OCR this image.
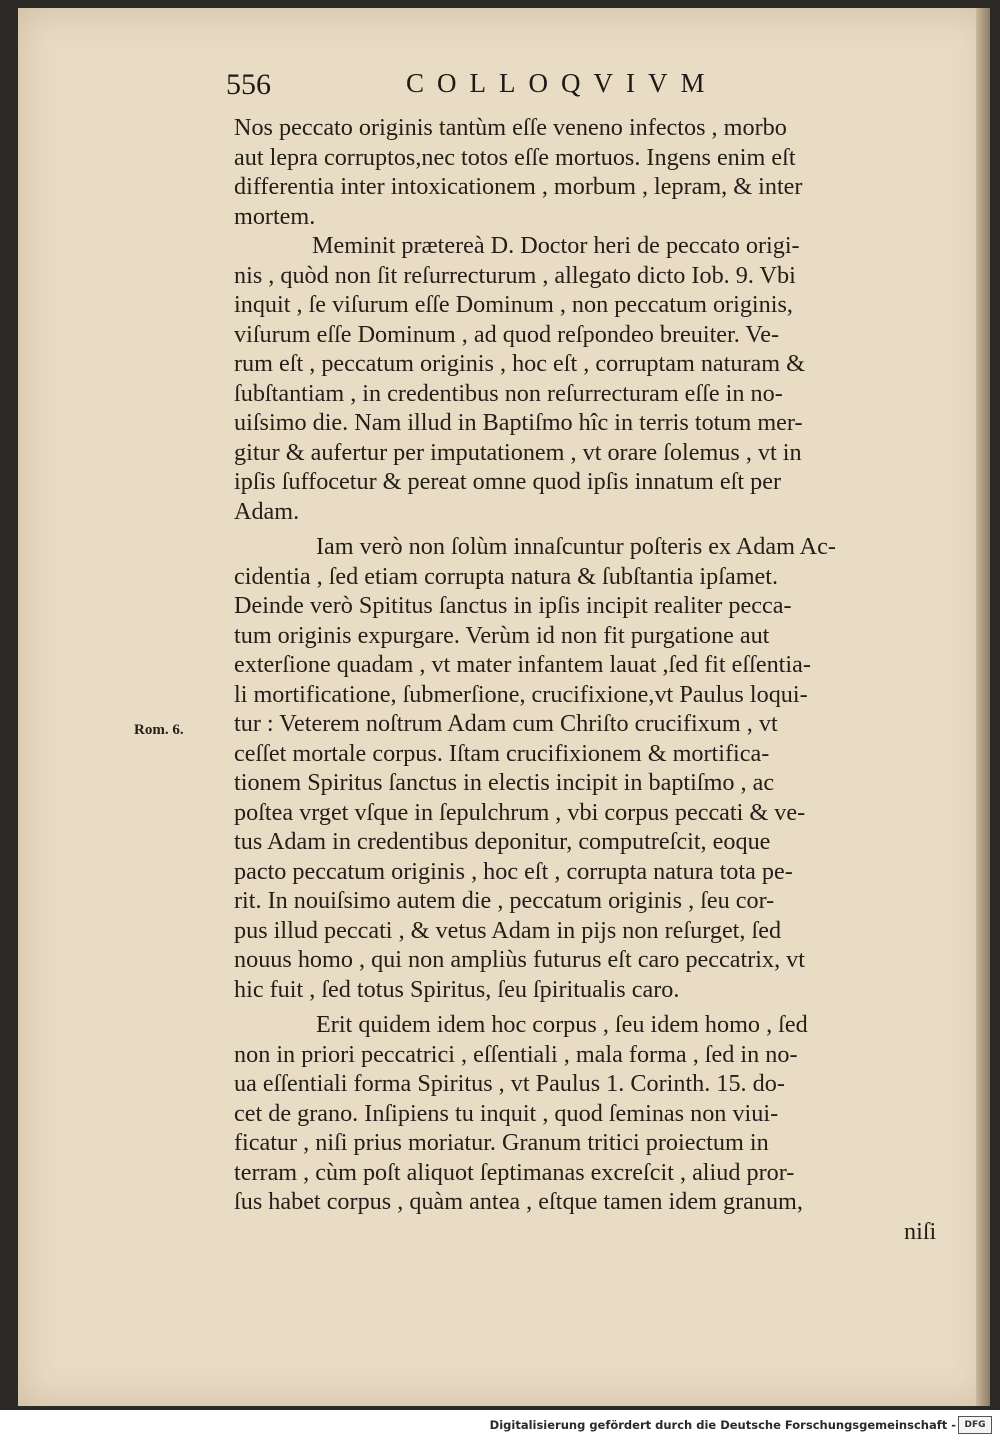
556	COLLOQVIVM
Rom. 6.
Nos peccato originis tantùm eſſe veneno infectos , morbo
aut lepra corruptos,nec totos eſſe mortuos. Ingens enim eſt
differentia inter intoxicationem , morbum , lepram, & inter
mortem.
Meminit prætereà D. Doctor heri de peccato origi-
nis , quòd non ſit reſurrecturum , allegato dicto Iob. 9. Vbi
inquit , ſe viſurum eſſe Dominum , non peccatum originis,
viſurum eſſe Dominum , ad quod reſpondeo breuiter. Ve-
rum eſt , peccatum originis , hoc eſt , corruptam naturam &
ſubſtantiam , in credentibus non reſurrecturam eſſe in no-
uiſsimo die. Nam illud in Baptiſmo hîc in terris totum mer-
gitur & aufertur per imputationem , vt orare ſolemus , vt in
ipſis ſuffocetur & pereat omne quod ipſis innatum eſt per
Adam.
Iam verò non ſolùm innaſcuntur poſteris ex Adam Ac-
cidentia , ſed etiam corrupta natura & ſubſtantia ipſamet.
Deinde verò Spititus ſanctus in ipſis incipit realiter pecca-
tum originis expurgare. Verùm id non fit purgatione aut
exterſione quadam , vt mater infantem lauat ,ſed fit eſſentia-
li mortificatione, ſubmerſione, crucifixione,vt Paulus loqui-
tur : Veterem noſtrum Adam cum Chriſto crucifixum , vt
ceſſet mortale corpus. Iſtam crucifixionem & mortifica-
tionem Spiritus ſanctus in electis incipit in baptiſmo , ac
poſtea vrget vſque in ſepulchrum , vbi corpus peccati & ve-
tus Adam in credentibus deponitur, computreſcit, eoque
pacto peccatum originis , hoc eſt , corrupta natura tota pe-
rit. In nouiſsimo autem die , peccatum originis , ſeu cor-
pus illud peccati , & vetus Adam in pijs non reſurget, ſed
nouus homo , qui non ampliùs futurus eſt caro peccatrix, vt
hic fuit , ſed totus Spiritus, ſeu ſpiritualis caro.
Erit quidem idem hoc corpus , ſeu idem homo , ſed
non in priori peccatrici , eſſentiali , mala forma , ſed in no-
ua eſſentiali forma Spiritus , vt Paulus 1. Corinth. 15. do-
cet de grano. Inſipiens tu inquit , quod ſeminas non viui-
ficatur , niſi prius moriatur. Granum tritici proiectum in
terram , cùm poſt aliquot ſeptimanas excreſcit , aliud pror-
ſus habet corpus , quàm antea , eſtque tamen idem granum,
niſi
Digitalisierung gefördert durch die Deutsche Forschungsgemeinschaft - DFG
